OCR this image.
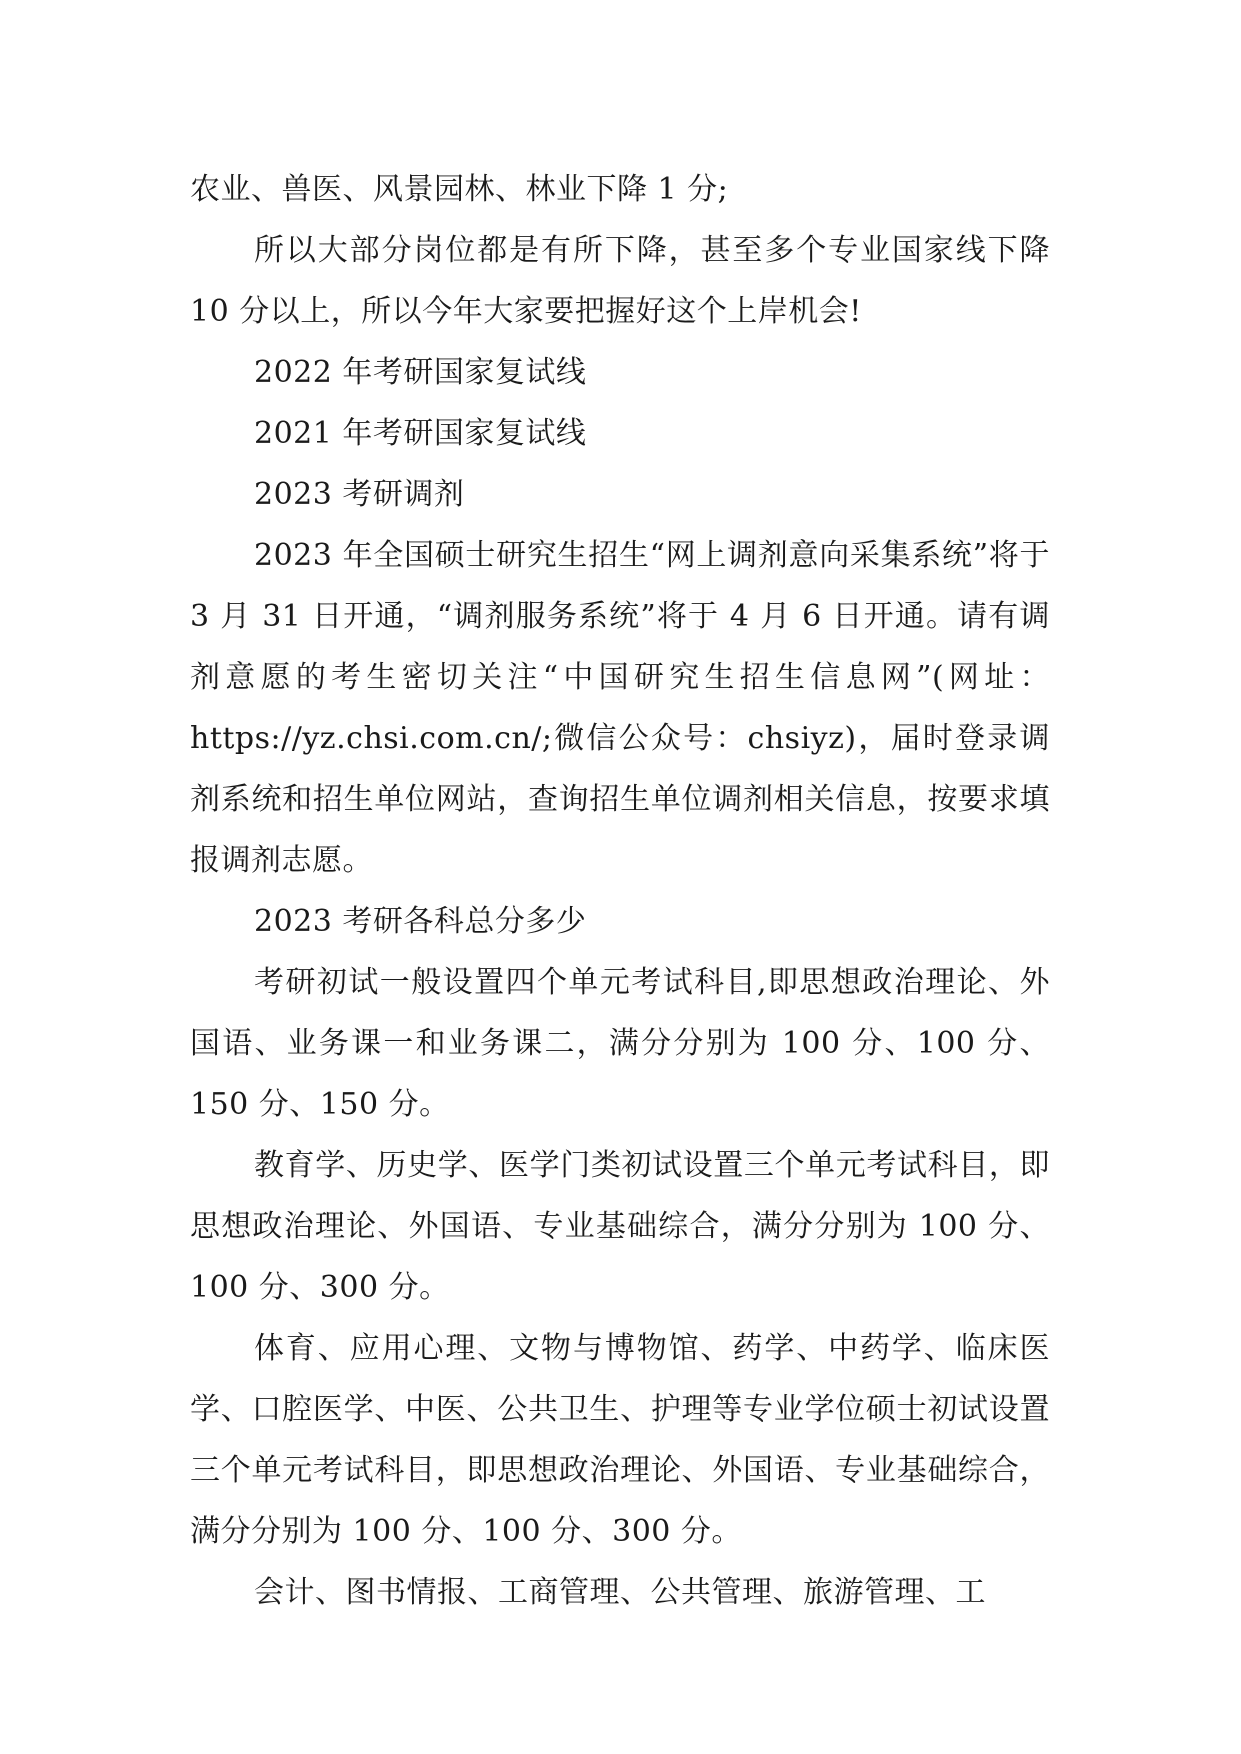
农业、兽医、风景园林、林业下降 1 分;

所以大部分岗位都是有所下降，甚至多个专业国家线下降 10 分以上，所以今年大家要把握好这个上岸机会!

2022 年考研国家复试线

2021 年考研国家复试线

2023 考研调剂

2023 年全国硕士研究生招生“网上调剂意向采集系统”将于 3 月 31 日开通，“调剂服务系统”将于 4 月 6 日开通。请有调剂意愿的考生密切关注“中国研究生招生信息网”(网址：https://yz.chsi.com.cn/;微信公众号：chsiyz)，届时登录调剂系统和招生单位网站，查询招生单位调剂相关信息，按要求填报调剂志愿。

2023 考研各科总分多少

考研初试一般设置四个单元考试科目,即思想政治理论、外国语、业务课一和业务课二，满分分别为 100 分、100 分、150 分、150 分。

教育学、历史学、医学门类初试设置三个单元考试科目，即思想政治理论、外国语、专业基础综合，满分分别为 100 分、100 分、300 分。

体育、应用心理、文物与博物馆、药学、中药学、临床医学、口腔医学、中医、公共卫生、护理等专业学位硕士初试设置三个单元考试科目，即思想政治理论、外国语、专业基础综合，满分分别为 100 分、100 分、300 分。

会计、图书情报、工商管理、公共管理、旅游管理、工
